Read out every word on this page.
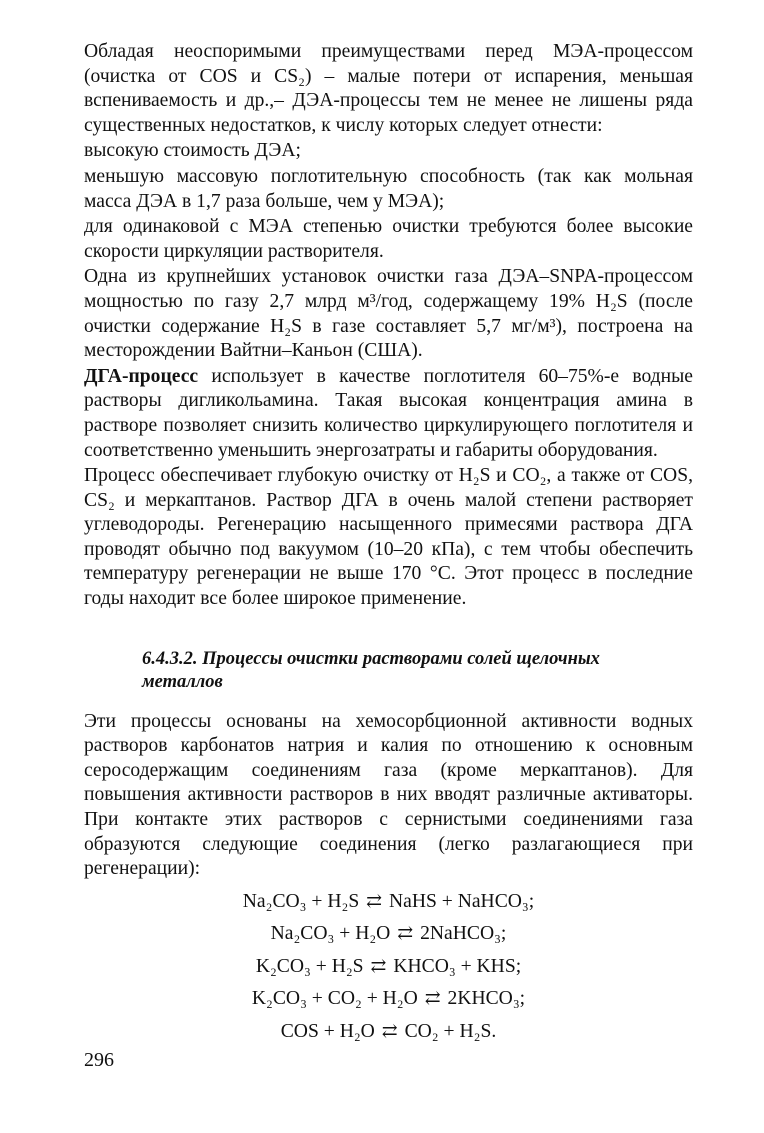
Обладая неоспоримыми преимуществами перед МЭА-процессом (очистка от COS и CS₂) – малые потери от испарения, меньшая вспениваемость и др.,– ДЭА-процессы тем не менее не лишены ряда существенных недостатков, к числу которых следует отнести:

высокую стоимость ДЭА;

меньшую массовую поглотительную способность (так как мольная масса ДЭА в 1,7 раза больше, чем у МЭА);

для одинаковой с МЭА степенью очистки требуются более высокие скорости циркуляции растворителя.

Одна из крупнейших установок очистки газа ДЭА–SNPA-процессом мощностью по газу 2,7 млрд м³/год, содержащему 19% H₂S (после очистки содержание H₂S в газе составляет 5,7 мг/м³), построена на месторождении Вайтни–Каньон (США).

ДГА-процесс использует в качестве поглотителя 60–75%-е водные растворы дигликольамина. Такая высокая концентрация амина в растворе позволяет снизить количество циркулирующего поглотителя и соответственно уменьшить энергозатраты и габариты оборудования.

Процесс обеспечивает глубокую очистку от H₂S и CO₂, а также от COS, CS₂ и меркаптанов. Раствор ДГА в очень малой степени растворяет углеводороды. Регенерацию насыщенного примесями раствора ДГА проводят обычно под вакуумом (10–20 кПа), с тем чтобы обеспечить температуру регенерации не выше 170 °С. Этот процесс в последние годы находит все более широкое применение.

6.4.3.2. Процессы очистки растворами солей щелочных металлов

Эти процессы основаны на хемосорбционной активности водных растворов карбонатов натрия и калия по отношению к основным серосодержащим соединениям газа (кроме меркаптанов). Для повышения активности растворов в них вводят различные активаторы. При контакте этих растворов с сернистыми соединениями газа образуются следующие соединения (легко разлагающиеся при регенерации):

Na₂CO₃ + H₂S ⇄ NaHS + NaHCO₃;
Na₂CO₃ + H₂O ⇄ 2NaHCO₃;
K₂CO₃ + H₂S ⇄ KHCO₃ + KHS;
K₂CO₃ + CO₂ + H₂O ⇄ 2KHCO₃;
COS + H₂O ⇄ CO₂ + H₂S.
296
